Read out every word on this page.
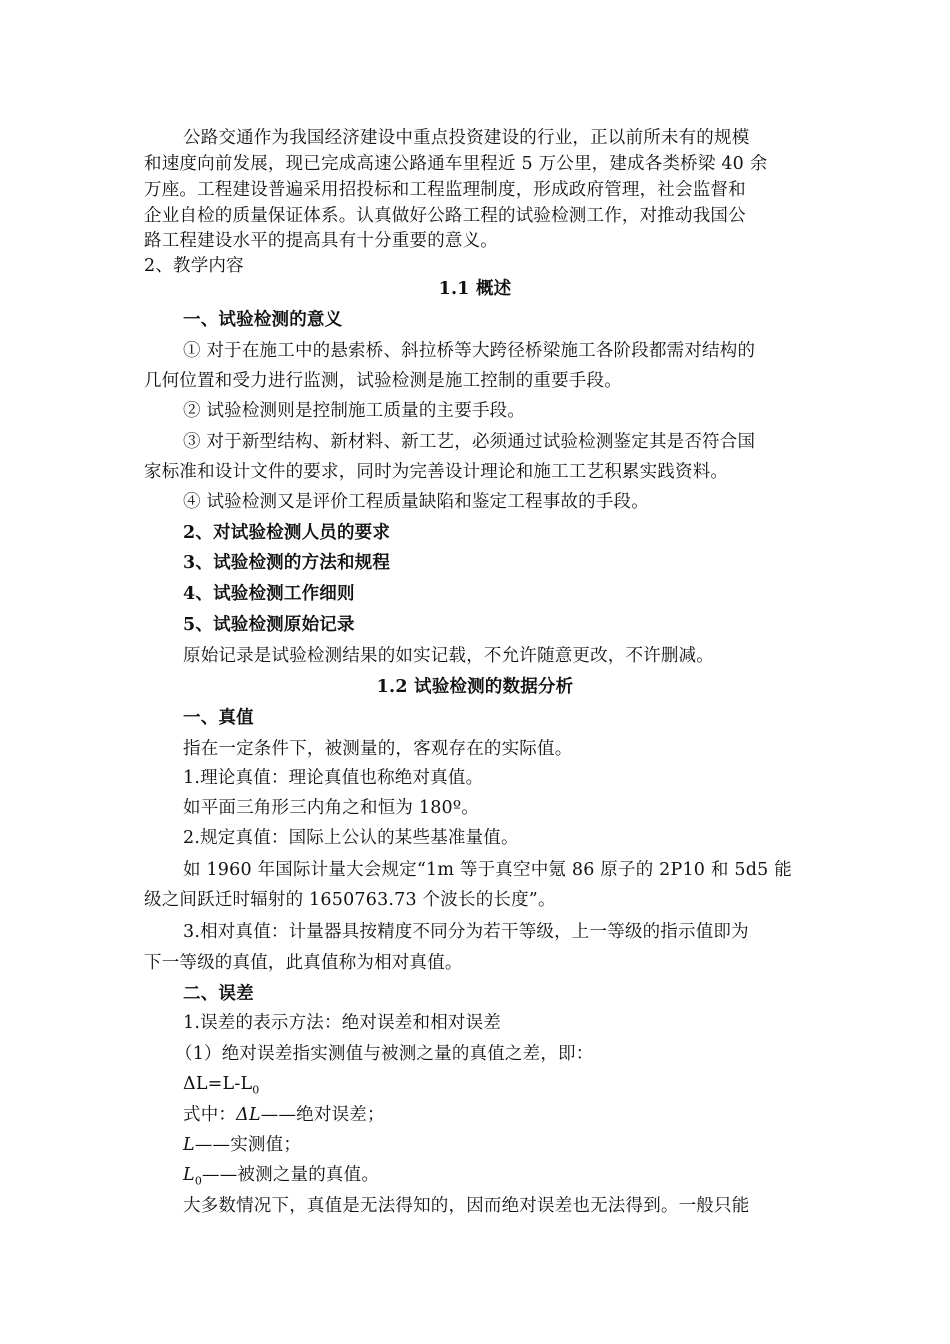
公路交通作为我国经济建设中重点投资建设的行业，正以前所未有的规模
和速度向前发展，现已完成高速公路通车里程近 5 万公里，建成各类桥梁 40 余
万座。工程建设普遍采用招投标和工程监理制度，形成政府管理，社会监督和
企业自检的质量保证体系。认真做好公路工程的试验检测工作，对推动我国公
路工程建设水平的提高具有十分重要的意义。
2、教学内容
1.1 概述
一、试验检测的意义
① 对于在施工中的悬索桥、斜拉桥等大跨径桥梁施工各阶段都需对结构的
几何位置和受力进行监测，试验检测是施工控制的重要手段。
② 试验检测则是控制施工质量的主要手段。
③ 对于新型结构、新材料、新工艺，必须通过试验检测鉴定其是否符合国
家标准和设计文件的要求，同时为完善设计理论和施工工艺积累实践资料。
④ 试验检测又是评价工程质量缺陷和鉴定工程事故的手段。
2、对试验检测人员的要求
3、试验检测的方法和规程
4、试验检测工作细则
5、试验检测原始记录
原始记录是试验检测结果的如实记载，不允许随意更改，不许删减。
1.2 试验检测的数据分析
一、真值
指在一定条件下，被测量的，客观存在的实际值。
1.理论真值：理论真值也称绝对真值。
如平面三角形三内角之和恒为 180º。
2.规定真值：国际上公认的某些基准量值。
如 1960 年国际计量大会规定“1m 等于真空中氪 86 原子的 2P10 和 5d5 能
级之间跃迁时辐射的 1650763.73 个波长的长度”。
3.相对真值：计量器具按精度不同分为若干等级，上一等级的指示值即为
下一等级的真值，此真值称为相对真值。
二、误差
1.误差的表示方法：绝对误差和相对误差
（1）绝对误差指实测值与被测之量的真值之差，即：
$\Delta L=L-L_0$
式中：ΔL——绝对误差；
L——实测值；
$L_0——$被测之量的真值。
大多数情况下，真值是无法得知的，因而绝对误差也无法得到。一般只能
